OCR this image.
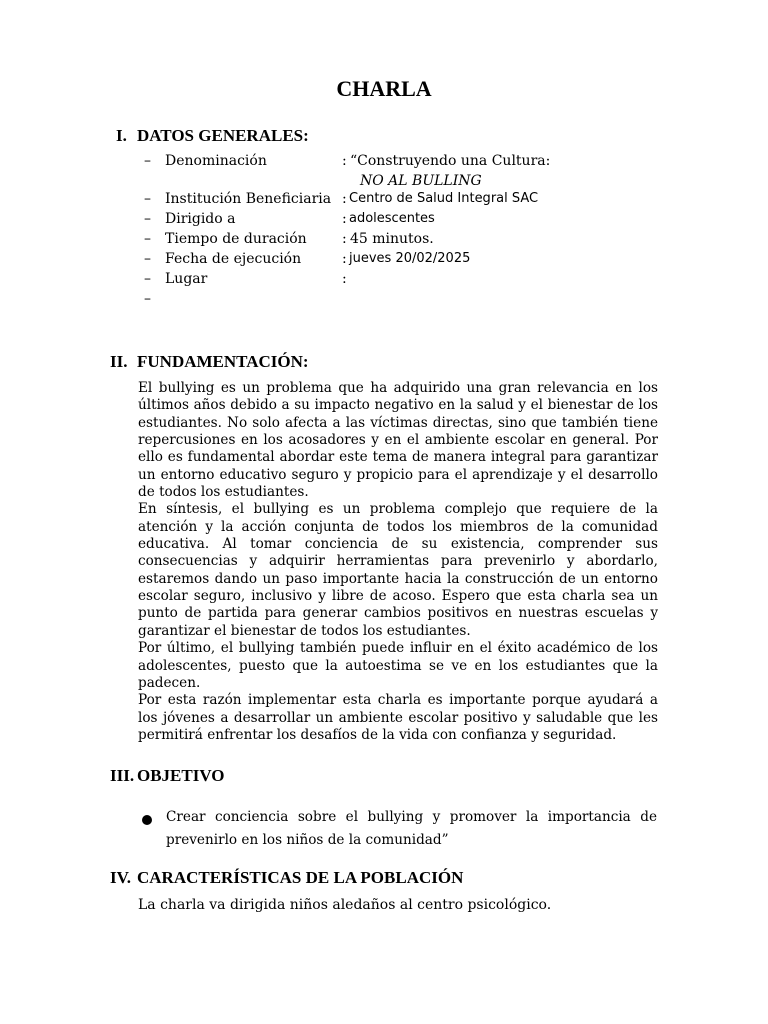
CHARLA
I. DATOS GENERALES:
–	Denominación	: “Construyendo una Cultura:
NO AL BULLING
–	Institución Beneficiaria : Centro de Salud Integral SAC
–	Dirigido a	: adolescentes
–	Tiempo de duración	: 45 minutos.
–	Fecha de ejecución	: jueves 20/02/2025
–	Lugar	:
–
II. FUNDAMENTACIÓN:

El bullying es un problema que ha adquirido una gran relevancia en los últimos años debido a su impacto negativo en la salud y el bienestar de los estudiantes. No solo afecta a las víctimas directas, sino que también tiene repercusiones en los acosadores y en el ambiente escolar en general. Por ello es fundamental abordar este tema de manera integral para garantizar un entorno educativo seguro y propicio para el aprendizaje y el desarrollo de todos los estudiantes.

En síntesis, el bullying es un problema complejo que requiere de la atención y la acción conjunta de todos los miembros de la comunidad educativa. Al tomar conciencia de su existencia, comprender sus consecuencias y adquirir herramientas para prevenirlo y abordarlo, estaremos dando un paso importante hacia la construcción de un entorno escolar seguro, inclusivo y libre de acoso. Espero que esta charla sea un punto de partida para generar cambios positivos en nuestras escuelas y garantizar el bienestar de todos los estudiantes.

Por último, el bullying también puede influir en el éxito académico de los adolescentes, puesto que la autoestima se ve en los estudiantes que la padecen.

Por esta razón implementar esta charla es importante porque ayudará a los jóvenes a desarrollar un ambiente escolar positivo y saludable que les permitirá enfrentar los desafíos de la vida con confianza y seguridad.

III. OBJETIVO
Crear conciencia sobre el bullying y promover la importancia de prevenirlo en los niños de la comunidad”
IV. CARACTERÍSTICAS DE LA POBLACIÓN
La charla va dirigida niños aledaños al centro psicológico.
